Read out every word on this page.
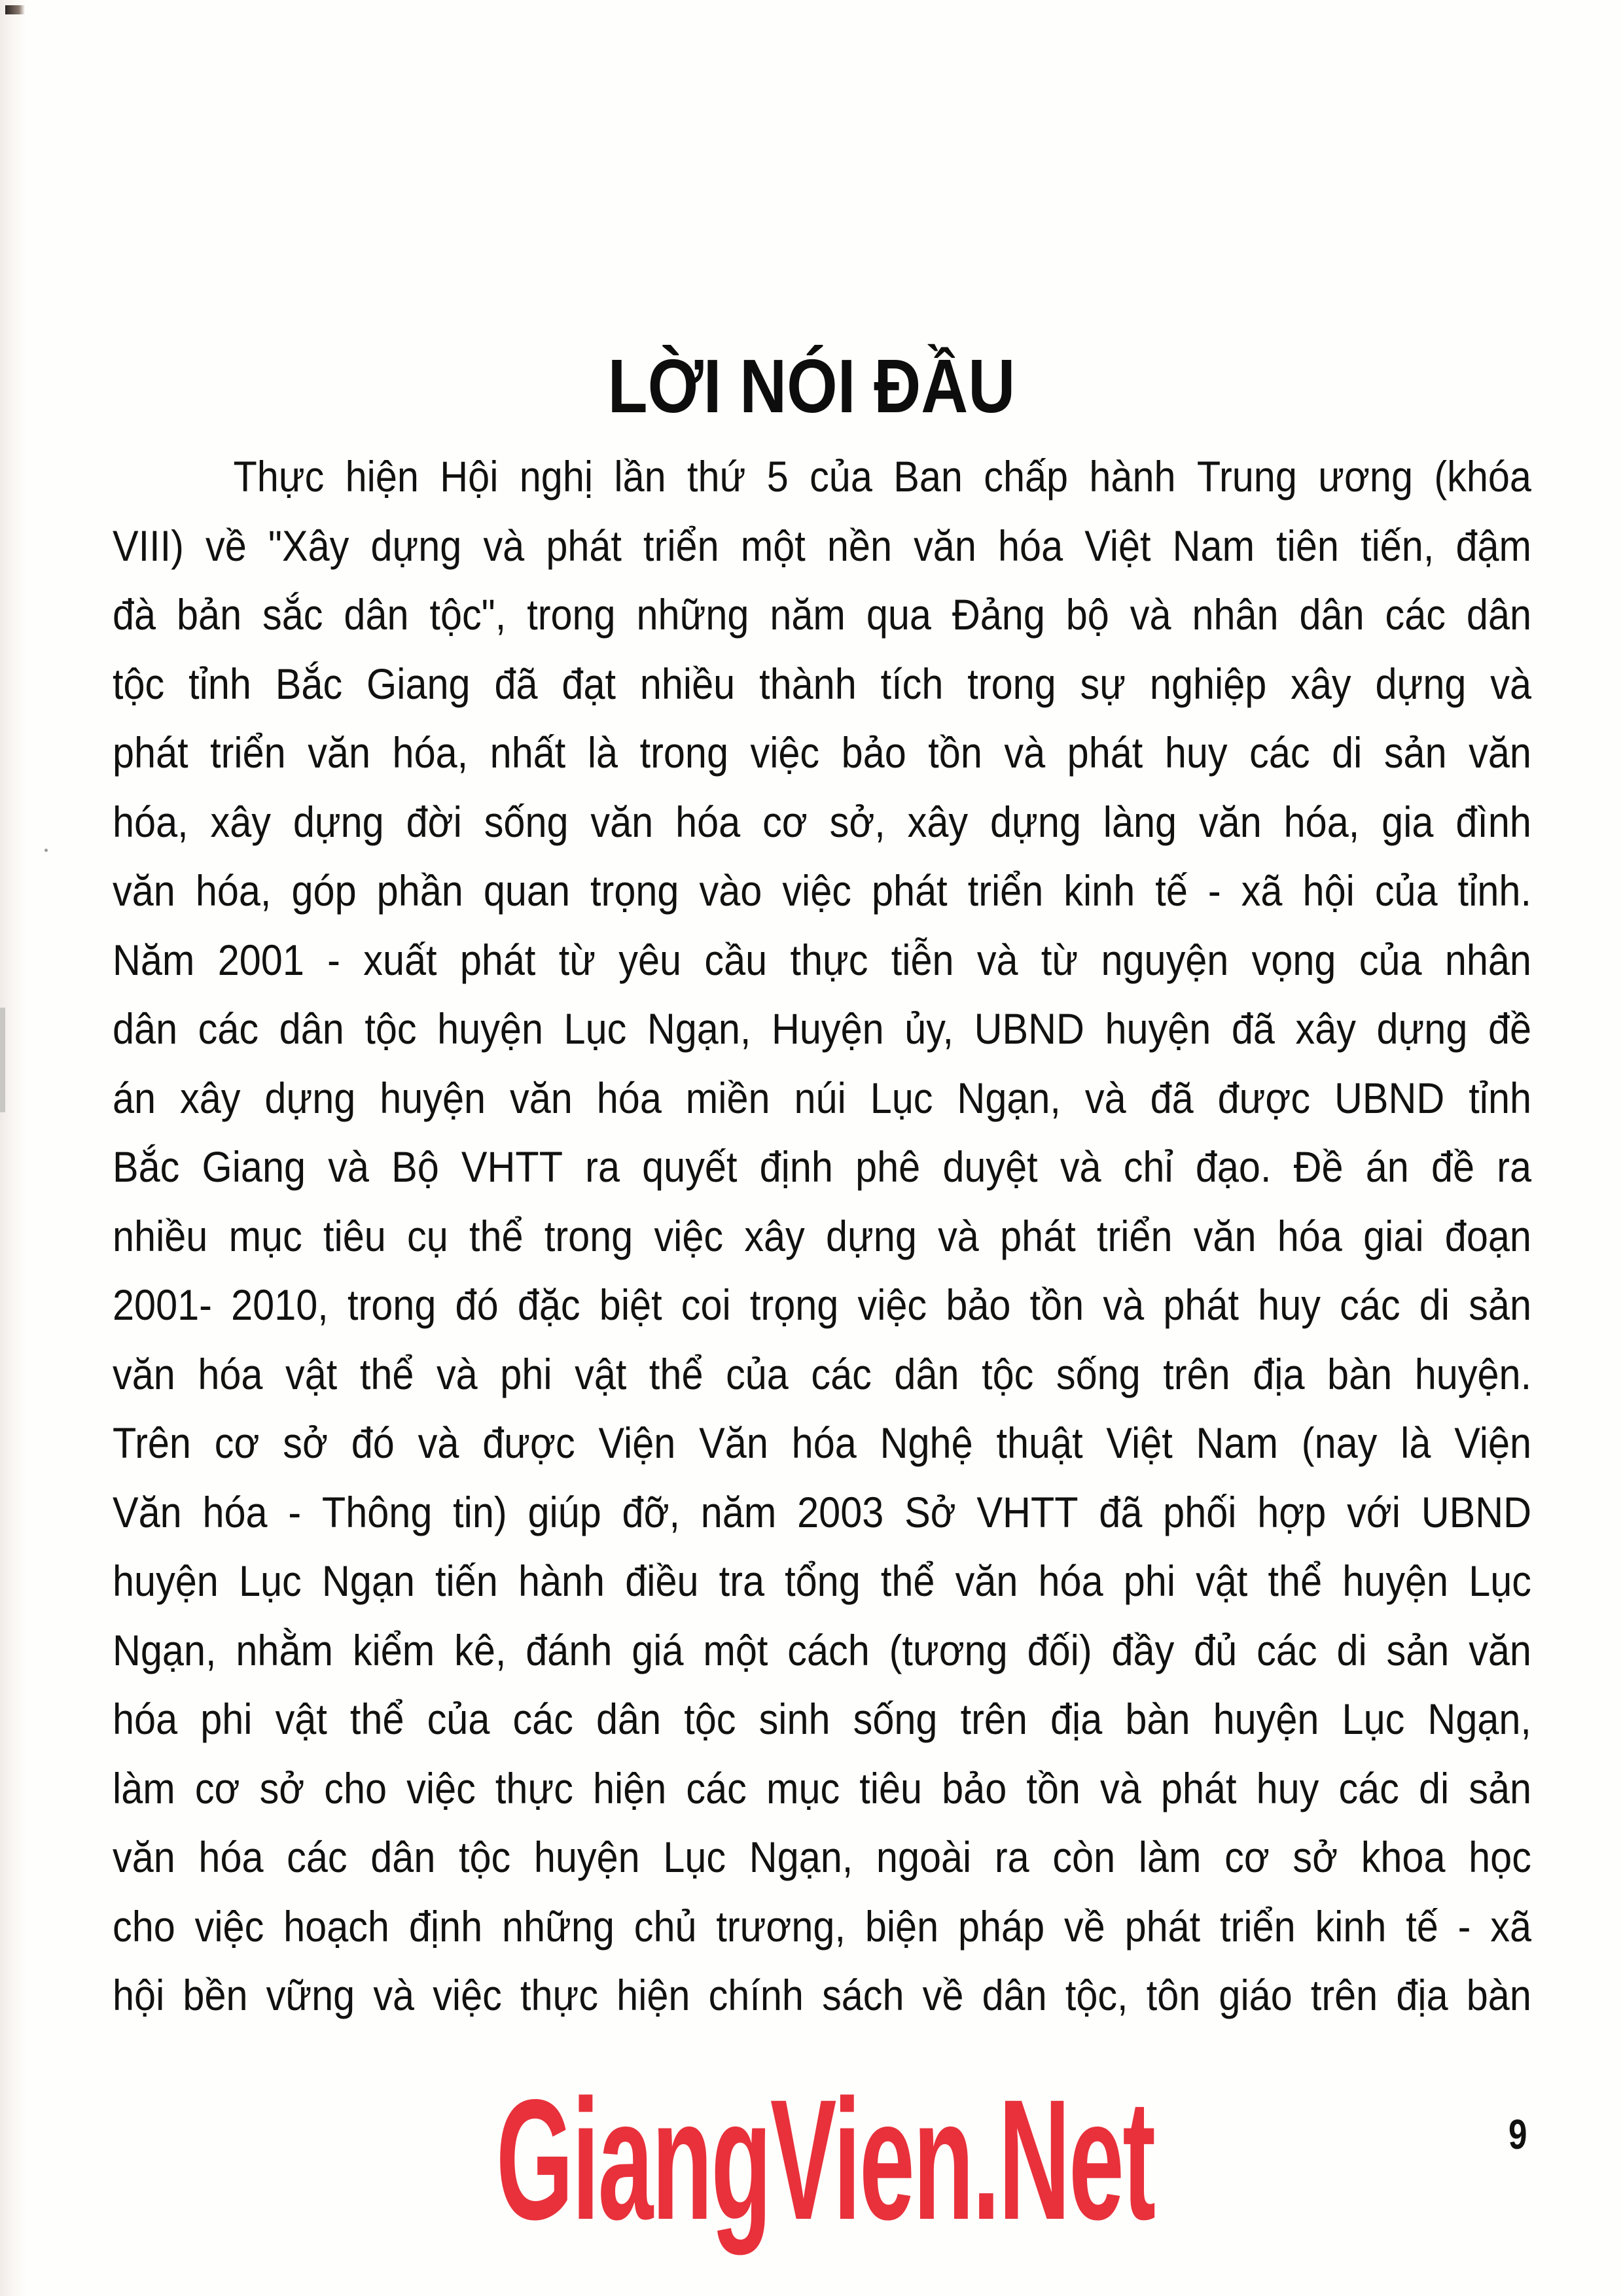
LỜI NÓI ĐẦU
Thực hiện Hội nghị lần thứ 5 của Ban chấp hành Trung ương (khóa
VIII) về "Xây dựng và phát triển một nền văn hóa Việt Nam tiên tiến, đậm
đà bản sắc dân tộc", trong những năm qua Đảng bộ và nhân dân các dân
tộc tỉnh Bắc Giang đã đạt nhiều thành tích trong sự nghiệp xây dựng và
phát triển văn hóa, nhất là trong việc bảo tồn và phát huy các di sản văn
hóa, xây dựng đời sống văn hóa cơ sở, xây dựng làng văn hóa, gia đình
văn hóa, góp phần quan trọng vào việc phát triển kinh tế - xã hội của tỉnh.
Năm 2001 - xuất phát từ yêu cầu thực tiễn và từ nguyện vọng của nhân
dân các dân tộc huyện Lục Ngạn, Huyện ủy, UBND huyện đã xây dựng đề
án xây dựng huyện văn hóa miền núi Lục Ngạn, và đã được UBND tỉnh
Bắc Giang và Bộ VHTT ra quyết định phê duyệt và chỉ đạo. Đề án đề ra
nhiều mục tiêu cụ thể trong việc xây dựng và phát triển văn hóa giai đoạn
2001- 2010, trong đó đặc biệt coi trọng việc bảo tồn và phát huy các di sản
văn hóa vật thể và phi vật thể của các dân tộc sống trên địa bàn huyện.
Trên cơ sở đó và được Viện Văn hóa Nghệ thuật Việt Nam (nay là Viện
Văn hóa - Thông tin) giúp đỡ, năm 2003 Sở VHTT đã phối hợp với UBND
huyện Lục Ngạn tiến hành điều tra tổng thể văn hóa phi vật thể huyện Lục
Ngạn, nhằm kiểm kê, đánh giá một cách (tương đối) đầy đủ các di sản văn
hóa phi vật thể của các dân tộc sinh sống trên địa bàn huyện Lục Ngạn,
làm cơ sở cho việc thực hiện các mục tiêu bảo tồn và phát huy các di sản
văn hóa các dân tộc huyện Lục Ngạn, ngoài ra còn làm cơ sở khoa học
cho việc hoạch định những chủ trương, biện pháp về phát triển kinh tế - xã
hội bền vững và việc thực hiện chính sách về dân tộc, tôn giáo trên địa bàn
GiangVien.Net	9
